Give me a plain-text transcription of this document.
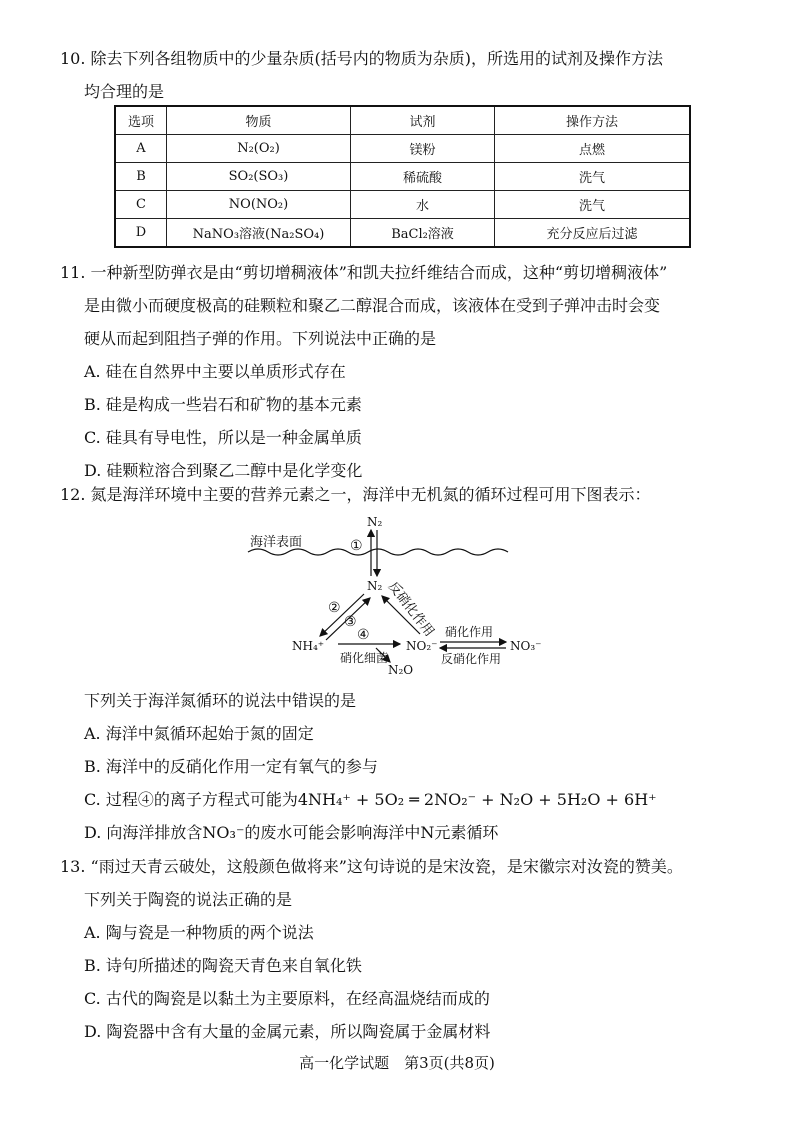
10. 除去下列各组物质中的少量杂质(括号内的物质为杂质)，所选用的试剂及操作方法
均合理的是
选项	物质	试剂	操作方法
A	N₂(O₂)	镁粉	点燃
B	SO₂(SO₃)	稀硫酸	洗气
C	NO(NO₂)	水	洗气
D	NaNO₃溶液(Na₂SO₄)	BaCl₂溶液	充分反应后过滤
11. 一种新型防弹衣是由“剪切增稠液体”和凯夫拉纤维结合而成，这种“剪切增稠液体”
是由微小而硬度极高的硅颗粒和聚乙二醇混合而成，该液体在受到子弹冲击时会变
硬从而起到阻挡子弹的作用。下列说法中正确的是
A. 硅在自然界中主要以单质形式存在
B. 硅是构成一些岩石和矿物的基本元素
C. 硅具有导电性，所以是一种金属单质
D. 硅颗粒溶合到聚乙二醇中是化学变化
12. 氮是海洋环境中主要的营养元素之一，海洋中无机氮的循环过程可用下图表示：
海洋表面
N₂
①
N₂
②
③ 反硝化作用
NH₄⁺
④
硝化细菌
N₂O
NO₂⁻
硝化作用
反硝化作用
NO₃⁻
下列关于海洋氮循环的说法中错误的是
A. 海洋中氮循环起始于氮的固定
B. 海洋中的反硝化作用一定有氧气的参与
C. 过程④的离子方程式可能为4NH₄⁺ + 5O₂ ═ 2NO₂⁻ + N₂O + 5H₂O + 6H⁺
D. 向海洋排放含NO₃⁻的废水可能会影响海洋中N元素循环
13. “雨过天青云破处，这般颜色做将来”这句诗说的是宋汝瓷，是宋徽宗对汝瓷的赞美。
下列关于陶瓷的说法正确的是
A. 陶与瓷是一种物质的两个说法
B. 诗句所描述的陶瓷天青色来自氧化铁
C. 古代的陶瓷是以黏土为主要原料，在经高温烧结而成的
D. 陶瓷器中含有大量的金属元素，所以陶瓷属于金属材料
高一化学试题　第3页(共8页)
